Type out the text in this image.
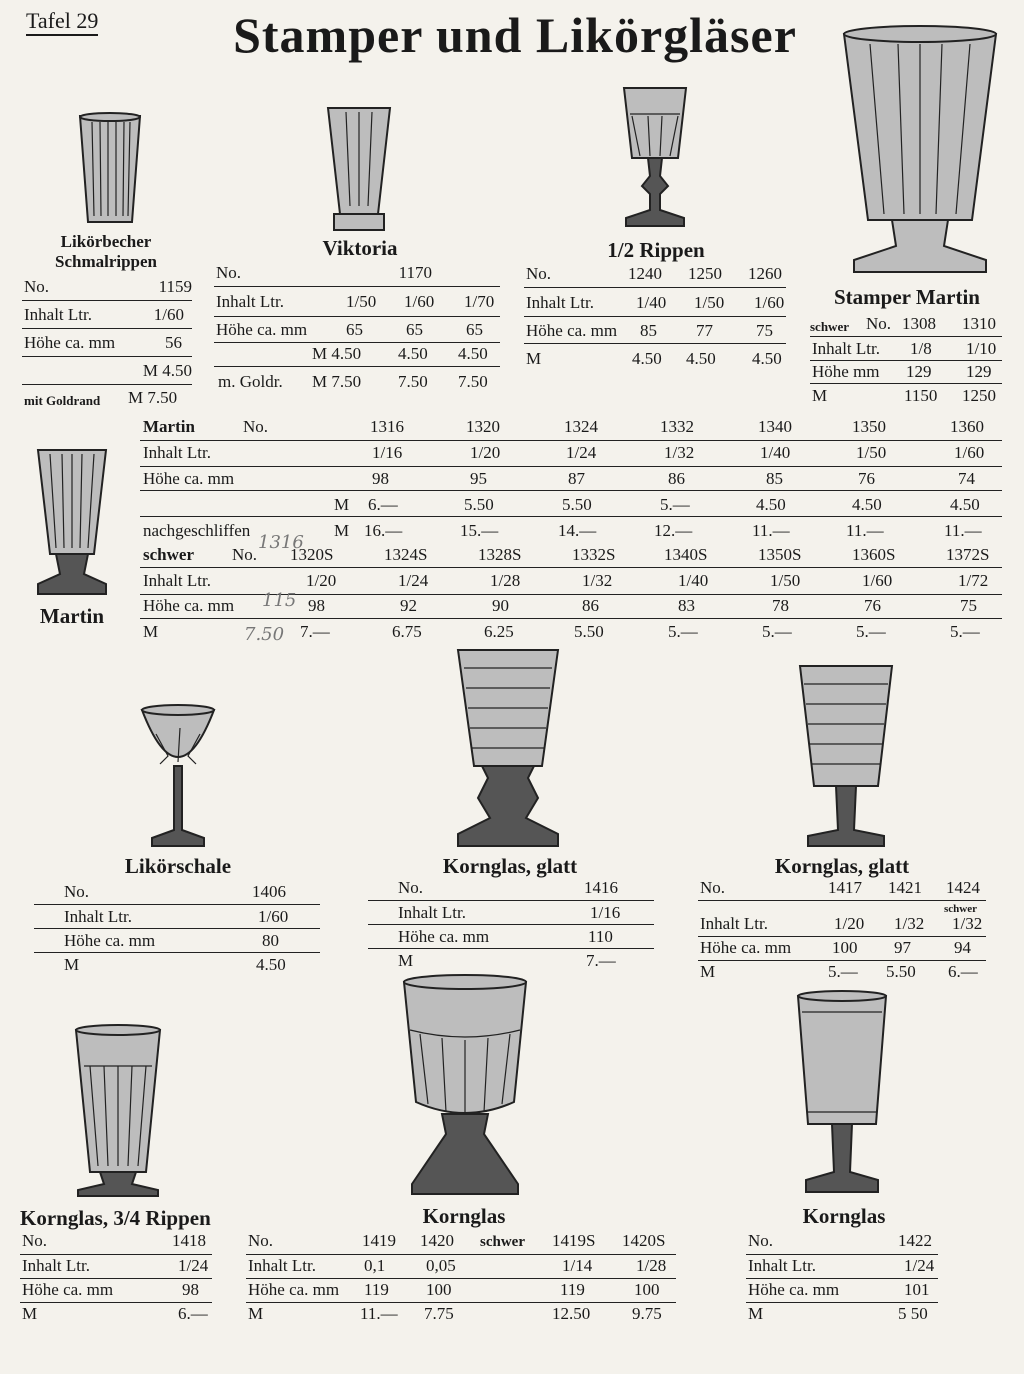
Tafel 29	Stamper und Likörgläser
Likörbecher
Schmalrippen
No.	1159
Inhalt Ltr.	1/60
Höhe ca. mm	56
M 4.50
mit Goldrand M 7.50
Viktoria
No.	1170
Inhalt Ltr.	1/50 1/60 1/70
Höhe ca. mm 65	65	65
M 4.50 4.50 4.50
m. Goldr. M 7.50 7.50 7.50
1/2 Rippen
No.	1240 1250 1260
Inhalt Ltr. 1/40 1/50 1/60
Höhe ca. mm 85 77	75
M	4.50 4.50 4.50
Stamper Martin
schwer No. 1308 1310
Inhalt Ltr. 1/8 1/10
Höhe mm 129 129
M	1150 1250
Martin
Martin	No.	1316	1320	1324	1332	1340	1350	1360
Inhalt Ltr.	1/16	1/20	1/24	1/32	1/40	1/50	1/60
Höhe ca. mm	98	95	87	86	85	76	74
M 6.—	5.50	5.50	5.—	4.50	4.50	4.50
nachgeschliffen	M 16.—	15.—	14.—	12.—	11.—	11.—	11.—
schwer No. 1320S	1324S	1328S	1332S	1340S	1350S	1360S	1372S
Inhalt Ltr.	1/20	1/24	1/28	1/32	1/40	1/50	1/60	1/72
Höhe ca. mm	98	92	90	86	83	78	76	75
M	7.—	6.75	6.25	5.50	5.—	5.—	5.—	5.—
1316
115
7.50
Likörschale
No.	1406
Inhalt Ltr.	1/60
Höhe ca. mm	80
M	4.50
Kornglas, glatt
No.	1416
Inhalt Ltr.	1/16
Höhe ca. mm	110
M	7.—
Kornglas, glatt
No.	1417 1421 1424
schwer
Inhalt Ltr.	1/20 1/32 1/32
Höhe ca. mm 100 97	94
M	5.— 5.50 6.—
Kornglas, 3/4 Rippen
No.	1418
Inhalt Ltr.	1/24
Höhe ca. mm	98
M	6.—
Kornglas
No.	1419 1420 schwer 1419S 1420S
Inhalt Ltr.	0,1 0,05	1/14	1/28
Höhe ca. mm 119 100	119	100
M	11.— 7.75	12.50 9.75
Kornglas
No.	1422
Inhalt Ltr.	1/24
Höhe ca. mm	101
M	5 50
